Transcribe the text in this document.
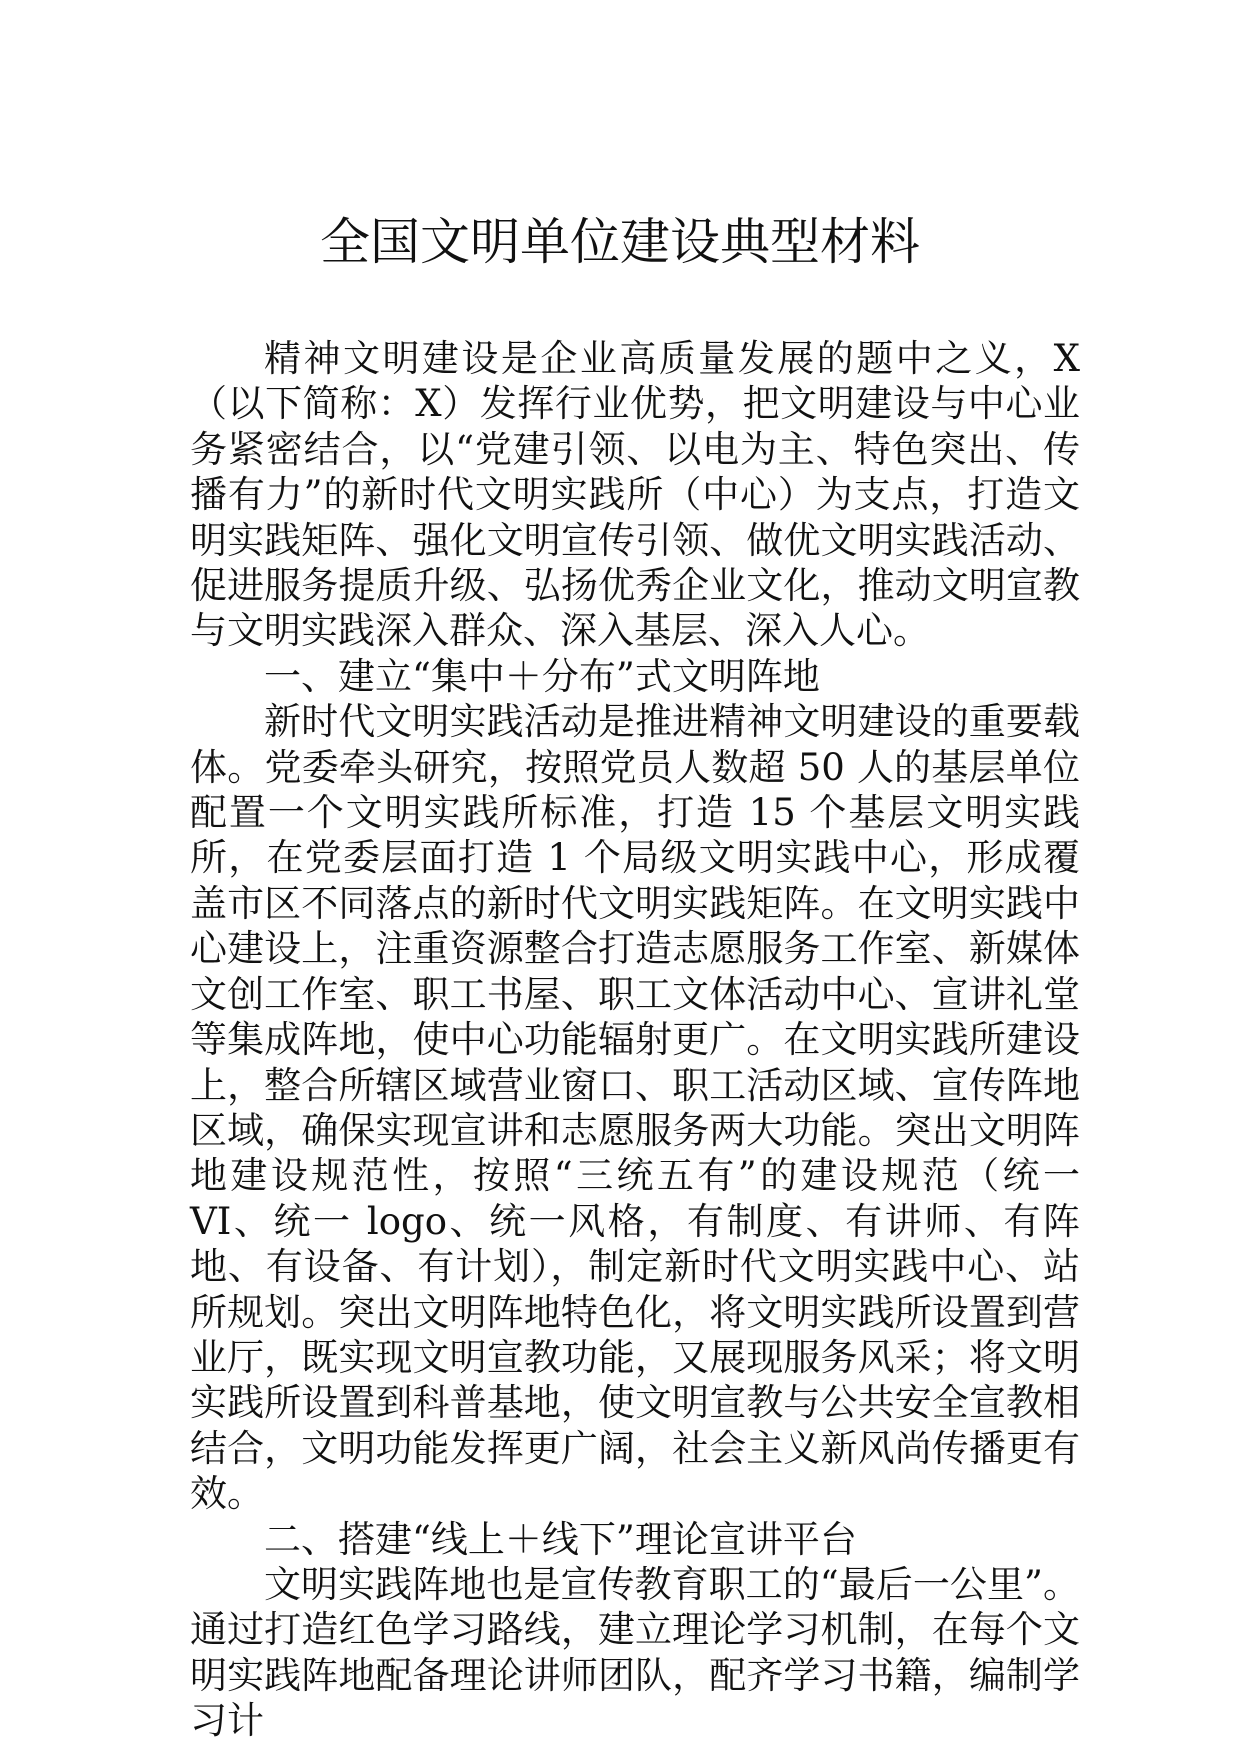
全国文明单位建设典型材料

精神文明建设是企业高质量发展的题中之义，X（以下简称：X）发挥行业优势，把文明建设与中心业务紧密结合，以“党建引领、以电为主、特色突出、传播有力”的新时代文明实践所（中心）为支点，打造文明实践矩阵、强化文明宣传引领、做优文明实践活动、促进服务提质升级、弘扬优秀企业文化，推动文明宣教与文明实践深入群众、深入基层、深入人心。

一、建立“集中＋分布”式文明阵地

新时代文明实践活动是推进精神文明建设的重要载体。党委牵头研究，按照党员人数超 50 人的基层单位配置一个文明实践所标准，打造 15 个基层文明实践所，在党委层面打造 1 个局级文明实践中心，形成覆盖市区不同落点的新时代文明实践矩阵。在文明实践中心建设上，注重资源整合打造志愿服务工作室、新媒体文创工作室、职工书屋、职工文体活动中心、宣讲礼堂等集成阵地，使中心功能辐射更广。在文明实践所建设上，整合所辖区域营业窗口、职工活动区域、宣传阵地区域，确保实现宣讲和志愿服务两大功能。突出文明阵地建设规范性，按照“三统五有”的建设规范（统一 VI、统一 logo、统一风格，有制度、有讲师、有阵地、有设备、有计划），制定新时代文明实践中心、站所规划。突出文明阵地特色化，将文明实践所设置到营业厅，既实现文明宣教功能，又展现服务风采；将文明实践所设置到科普基地，使文明宣教与公共安全宣教相结合，文明功能发挥更广阔，社会主义新风尚传播更有效。

二、搭建“线上＋线下”理论宣讲平台

文明实践阵地也是宣传教育职工的“最后一公里”。通过打造红色学习路线，建立理论学习机制，在每个文明实践阵地配备理论讲师团队，配齐学习书籍，编制学习计
